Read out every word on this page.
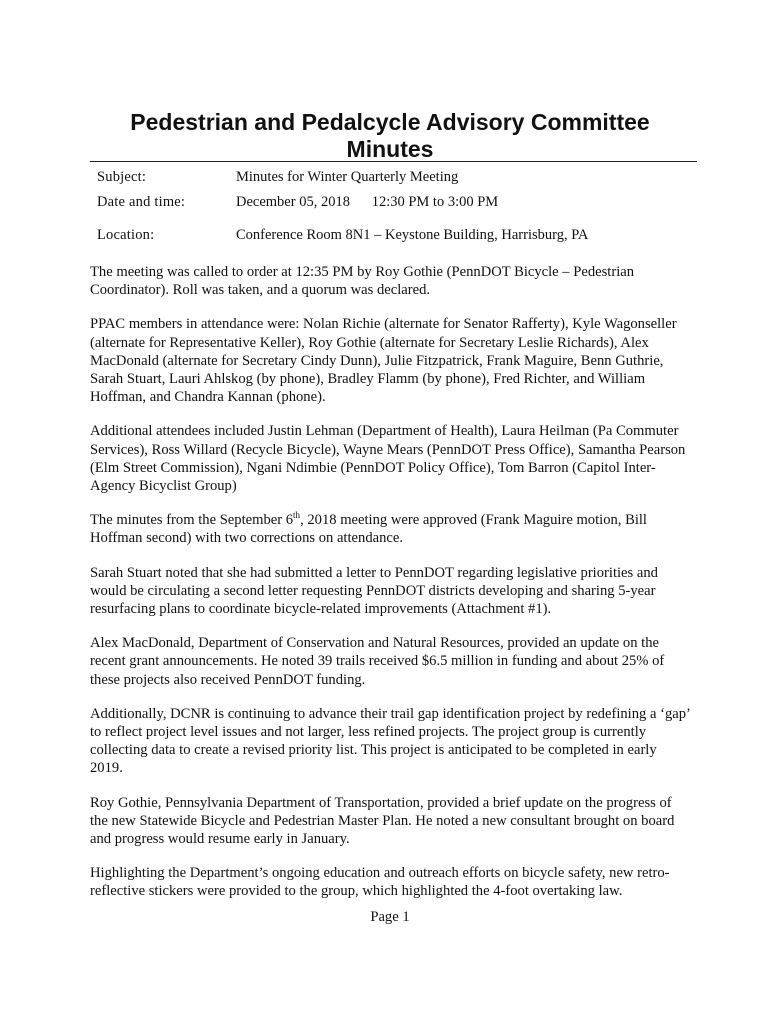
Pedestrian and Pedalcycle Advisory Committee
Minutes
Subject:	Minutes for Winter Quarterly Meeting
Date and time:	December 05, 2018      12:30 PM to 3:00 PM
Location:	Conference Room 8N1 – Keystone Building, Harrisburg, PA

The meeting was called to order at 12:35 PM by Roy Gothie (PennDOT Bicycle – Pedestrian Coordinator). Roll was taken, and a quorum was declared.

PPAC members in attendance were: Nolan Richie (alternate for Senator Rafferty), Kyle Wagonseller (alternate for Representative Keller), Roy Gothie (alternate for Secretary Leslie Richards), Alex MacDonald (alternate for Secretary Cindy Dunn), Julie Fitzpatrick, Frank Maguire, Benn Guthrie, Sarah Stuart, Lauri Ahlskog (by phone), Bradley Flamm (by phone), Fred Richter, and William Hoffman, and Chandra Kannan (phone).

Additional attendees included Justin Lehman (Department of Health), Laura Heilman (Pa Commuter Services), Ross Willard (Recycle Bicycle), Wayne Mears (PennDOT Press Office), Samantha Pearson (Elm Street Commission), Ngani Ndimbie (PennDOT Policy Office), Tom Barron (Capitol Inter-Agency Bicyclist Group)

The minutes from the September 6th, 2018 meeting were approved (Frank Maguire motion, Bill Hoffman second) with two corrections on attendance.

Sarah Stuart noted that she had submitted a letter to PennDOT regarding legislative priorities and would be circulating a second letter requesting PennDOT districts developing and sharing 5-year resurfacing plans to coordinate bicycle-related improvements (Attachment #1).

Alex MacDonald, Department of Conservation and Natural Resources, provided an update on the recent grant announcements. He noted 39 trails received $6.5 million in funding and about 25% of these projects also received PennDOT funding.

Additionally, DCNR is continuing to advance their trail gap identification project by redefining a ‘gap’ to reflect project level issues and not larger, less refined projects. The project group is currently collecting data to create a revised priority list. This project is anticipated to be completed in early 2019.

Roy Gothie, Pennsylvania Department of Transportation, provided a brief update on the progress of the new Statewide Bicycle and Pedestrian Master Plan. He noted a new consultant brought on board and progress would resume early in January.

Highlighting the Department’s ongoing education and outreach efforts on bicycle safety, new retro-reflective stickers were provided to the group, which highlighted the 4-foot overtaking law.

Page 1
